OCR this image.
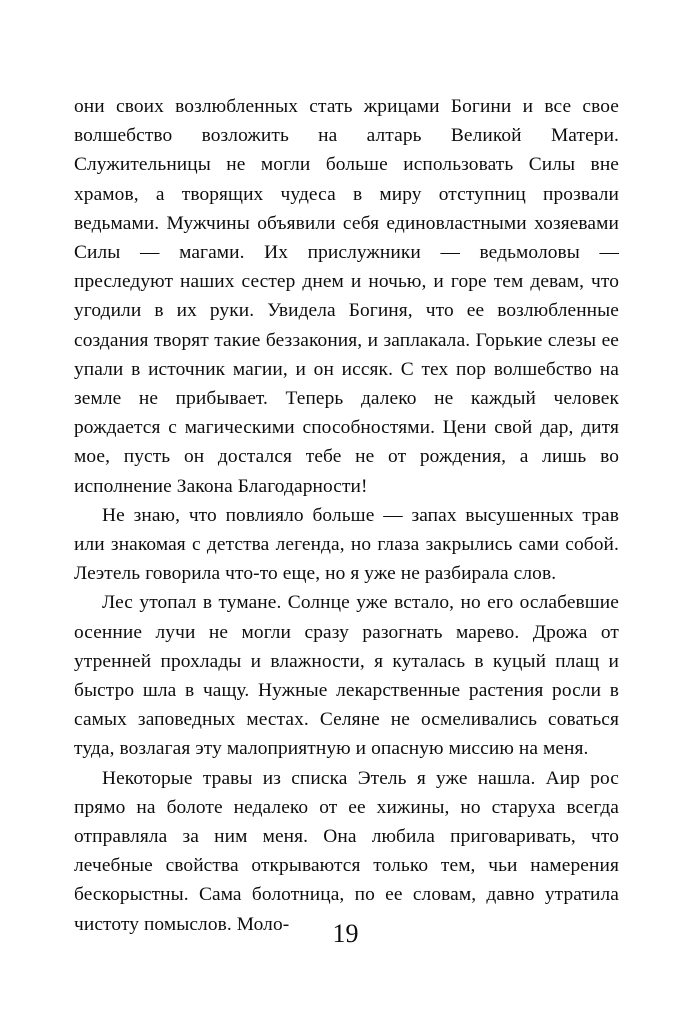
они своих возлюбленных стать жрицами Богини и все свое волшебство возложить на алтарь Великой Матери. Служительницы не могли больше использовать Силы вне храмов, а творящих чудеса в миру отступниц прозвали ведьмами. Мужчины объявили себя единовластными хозяевами Силы — магами. Их прислужники — ведьмоловы — преследуют наших сестер днем и ночью, и горе тем девам, что угодили в их руки. Увидела Богиня, что ее возлюбленные создания творят такие беззакония, и заплакала. Горькие слезы ее упали в источник магии, и он иссяк. С тех пор волшебство на земле не прибывает. Теперь далеко не каждый человек рождается с магическими способностями. Цени свой дар, дитя мое, пусть он достался тебе не от рождения, а лишь во исполнение Закона Благодарности!

Не знаю, что повлияло больше — запах высушенных трав или знакомая с детства легенда, но глаза закрылись сами собой. Леэтель говорила что-то еще, но я уже не разбирала слов.

Лес утопал в тумане. Солнце уже встало, но его ослабевшие осенние лучи не могли сразу разогнать марево. Дрожа от утренней прохлады и влажности, я куталась в куцый плащ и быстро шла в чащу. Нужные лекарственные растения росли в самых заповедных местах. Селяне не осмеливались соваться туда, возлагая эту малоприятную и опасную миссию на меня.

Некоторые травы из списка Этель я уже нашла. Аир рос прямо на болоте недалеко от ее хижины, но старуха всегда отправляла за ним меня. Она любила приговаривать, что лечебные свойства открываются только тем, чьи намерения бескорыстны. Сама болотница, по ее словам, давно утратила чистоту помыслов. Моло-	19
